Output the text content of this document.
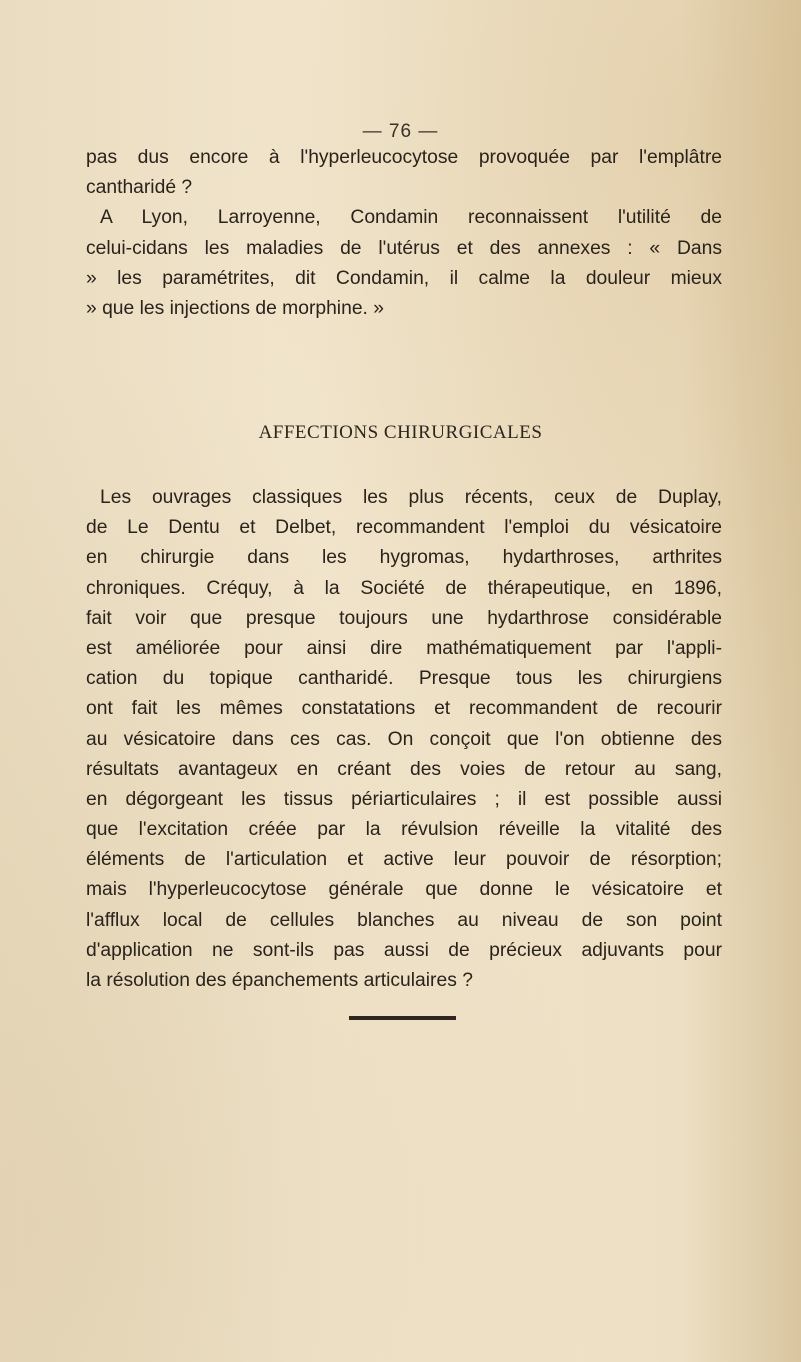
— 76 —
pas dus encore à l'hyperleucocytose provoquée par l'emplâtre
cantharidé ?
A Lyon, Larroyenne, Condamin reconnaissent l'utilité de
celui-cidans les maladies de l'utérus et des annexes : « Dans
» les paramétrites, dit Condamin, il calme la douleur mieux
» que les injections de morphine. »
AFFECTIONS CHIRURGICALES
Les ouvrages classiques les plus récents, ceux de Duplay,
de Le Dentu et Delbet, recommandent l'emploi du vésicatoire
en chirurgie dans les hygromas, hydarthroses, arthrites
chroniques. Créquy, à la Société de thérapeutique, en 1896,
fait voir que presque toujours une hydarthrose considérable
est améliorée pour ainsi dire mathématiquement par l'appli-
cation du topique cantharidé. Presque tous les chirurgiens
ont fait les mêmes constatations et recommandent de recourir
au vésicatoire dans ces cas. On conçoit que l'on obtienne des
résultats avantageux en créant des voies de retour au sang,
en dégorgeant les tissus périarticulaires ; il est possible aussi
que l'excitation créée par la révulsion réveille la vitalité des
éléments de l'articulation et active leur pouvoir de résorption;
mais l'hyperleucocytose générale que donne le vésicatoire et
l'afflux local de cellules blanches au niveau de son point
d'application ne sont-ils pas aussi de précieux adjuvants pour
la résolution des épanchements articulaires ?
